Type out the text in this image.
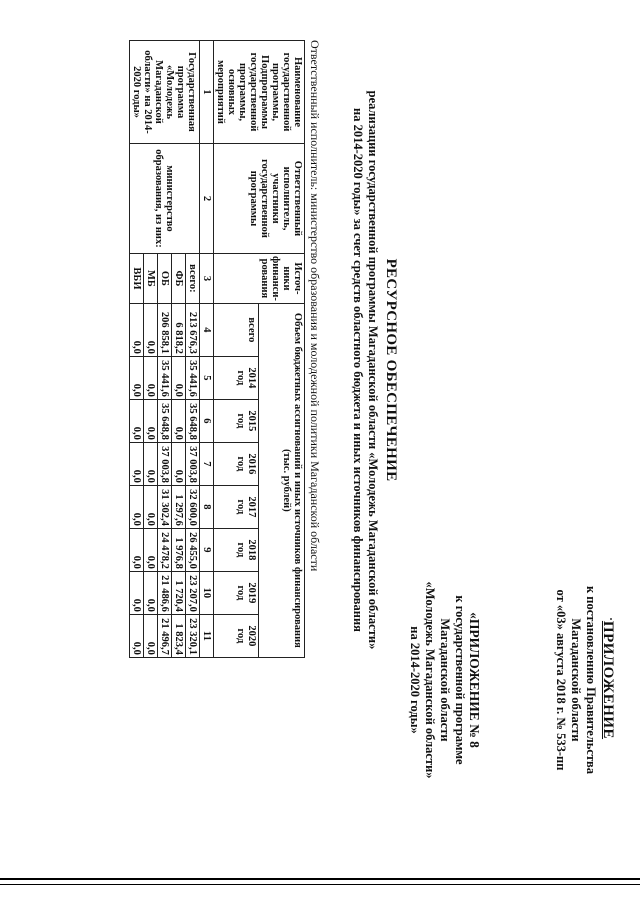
ПРИЛОЖЕНИЕ
к постановлению Правительства
Магаданской области
от «03» августа 2018 г. № 533-пп
«ПРИЛОЖЕНИЕ № 8
к государственной программе
Магаданской области
«Молодежь Магаданской области»
на 2014-2020 годы»
РЕСУРСНОЕ ОБЕСПЕЧЕНИЕ
реализации государственной программы Магаданской области «Молодежь Магаданской области»
на 2014-2020 годы» за счет средств областного бюджета и иных источников финансирования
Ответственный исполнитель: министерство образования и молодежной политики Магаданской области
Наименование государственной программы, Подпрограммы государственной программы, основных мероприятий	Ответственный исполнитель, участники государственной программы	Источ-ники финанси-рования	Объем бюджетных ассигнований и иных источников финансирования (тыс. рублей)							
			всего	2014 год	2015 год	2016 год	2017 год	2018 год	2019 год	2020 год
1	2	3	4	5	6	7	8	9	10	11
Государственная программа «Молодежь Магаданской области» на 2014-2020 годы»	министерство образования, из них:	всего:	213 676,3	35 441,6	35 648,8	37 003,8	32 600,0	26 455,0	23 207,0	23 320,1
		ФБ	6 818,2	0,0	0,0	0,0	1 297,6	1 976,8	1 720,4	1 823,4
		ОБ	206 858,1	35 441,6	35 648,8	37 003,8	31 302,4	24 478,2	21 486,6	21 496,7
		МБ	0,0	0,0	0,0	0,0	0,0	0,0	0,0	0,0
		ВБИ	0,0	0,0	0,0	0,0	0,0	0,0	0,0	0,0
